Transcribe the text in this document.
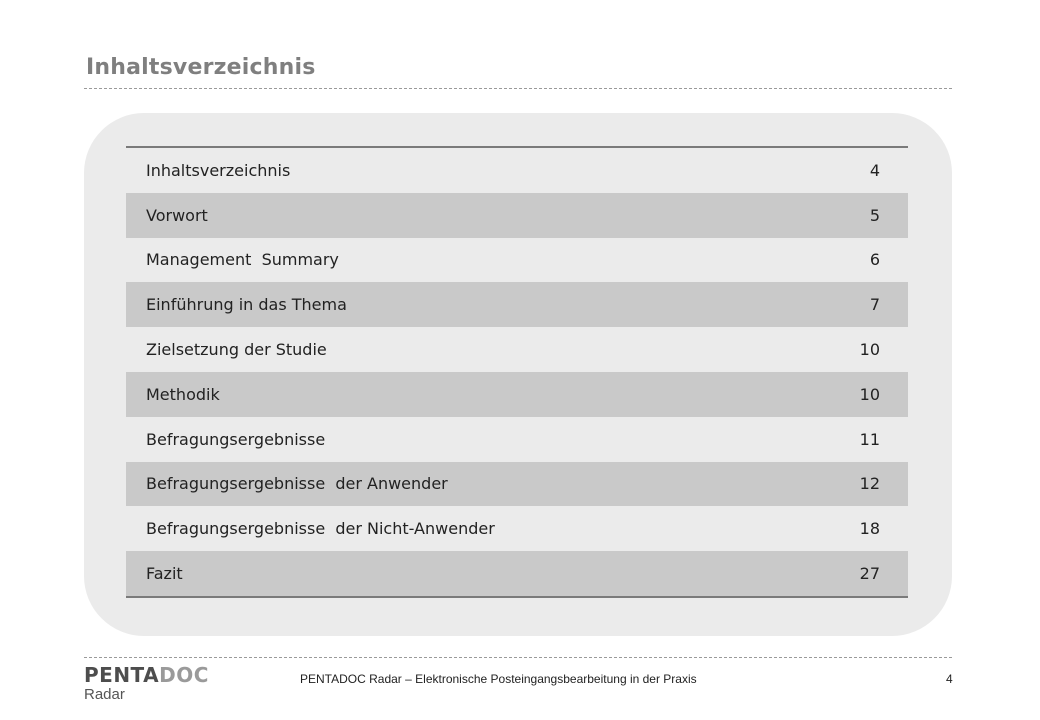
Inhaltsverzeichnis
Inhaltsverzeichnis	4
Vorwort	5
Management  Summary	6
Einführung in das Thema	7
Zielsetzung der Studie	10
Methodik	10
Befragungsergebnisse	11
Befragungsergebnisse  der Anwender	12
Befragungsergebnisse  der Nicht-Anwender	18
Fazit	27
PENTADOC
Radar
PENTADOC Radar – Elektronische Posteingangsbearbeitung in der Praxis	4
